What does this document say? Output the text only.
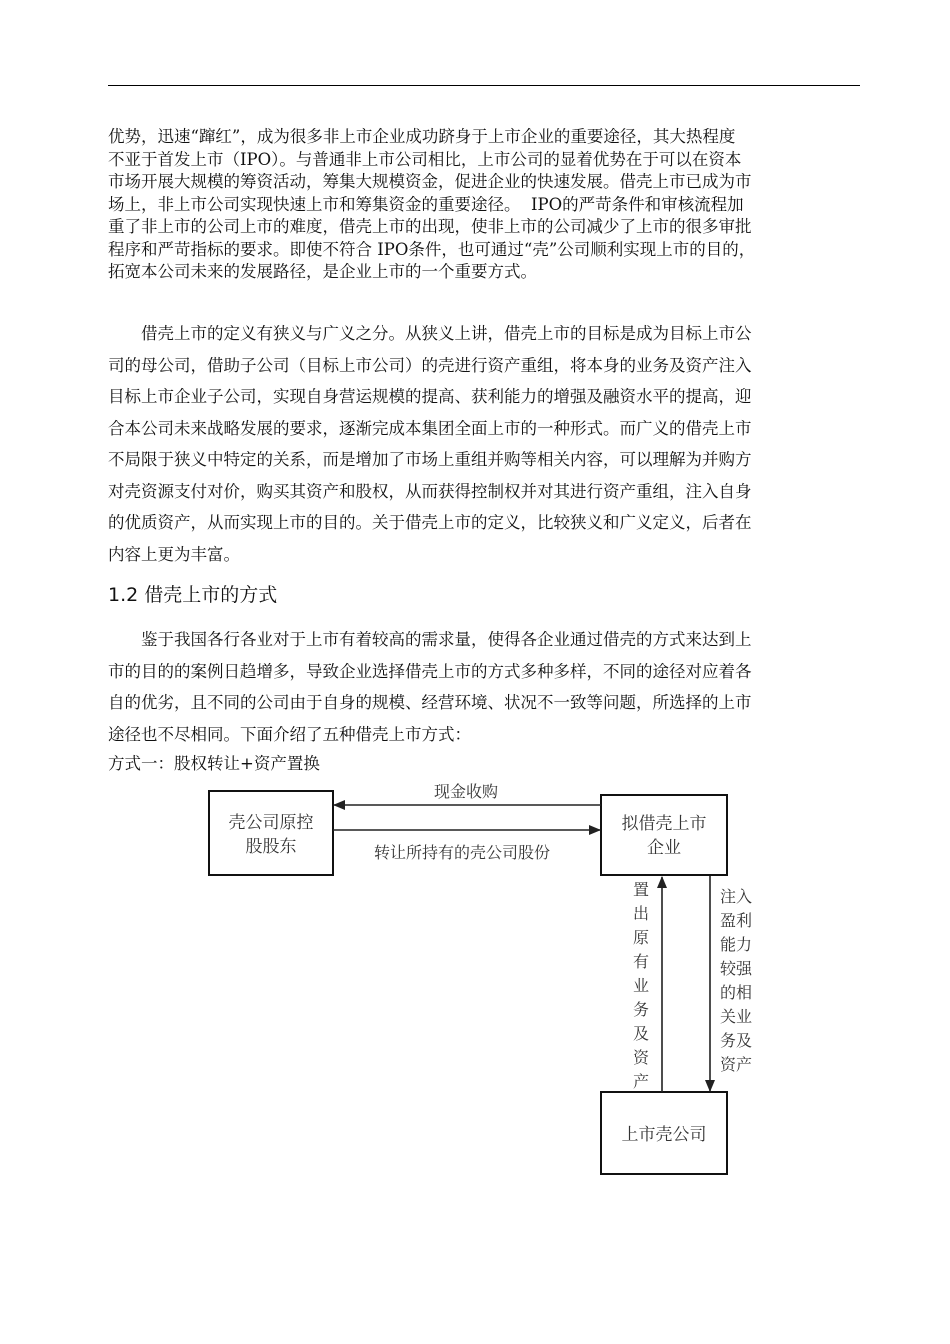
优势，迅速“蹿红”，成为很多非上市企业成功跻身于上市企业的重要途径，其大热程度
不亚于首发上市（IPO）。与普通非上市公司相比，上市公司的显着优势在于可以在资本
市场开展大规模的筹资活动，筹集大规模资金，促进企业的快速发展。借壳上市已成为市
场上，非上市公司实现快速上市和筹集资金的重要途径。  IPO的严苛条件和审核流程加
重了非上市的公司上市的难度，借壳上市的出现，使非上市的公司减少了上市的很多审批
程序和严苛指标的要求。即使不符合 IPO条件，也可通过“壳”公司顺利实现上市的目的，
拓宽本公司未来的发展路径，是企业上市的一个重要方式。
借壳上市的定义有狭义与广义之分。从狭义上讲，借壳上市的目标是成为目标上市公
司的母公司，借助子公司（目标上市公司）的壳进行资产重组，将本身的业务及资产注入
目标上市企业子公司，实现自身营运规模的提高、获利能力的增强及融资水平的提高，迎
合本公司未来战略发展的要求，逐渐完成本集团全面上市的一种形式。而广义的借壳上市
不局限于狭义中特定的关系，而是增加了市场上重组并购等相关内容，可以理解为并购方
对壳资源支付对价，购买其资产和股权，从而获得控制权并对其进行资产重组，注入自身
的优质资产，从而实现上市的目的。关于借壳上市的定义，比较狭义和广义定义，后者在
内容上更为丰富。
1.2 借壳上市的方式
鉴于我国各行各业对于上市有着较高的需求量，使得各企业通过借壳的方式来达到上
市的目的的案例日趋增多，导致企业选择借壳上市的方式多种多样，不同的途径对应着各
自的优劣，且不同的公司由于自身的规模、经营环境、状况不一致等问题，所选择的上市
途径也不尽相同。下面介绍了五种借壳上市方式：

方式一：股权转让+资产置换

壳公司原控
股股东
拟借壳上市
企业
上市壳公司
现金收购
转让所持有的壳公司股份
置
出
原
有
业
务
及
资
产
注入
盈利
能力
较强
的相
关业
务及
资产
